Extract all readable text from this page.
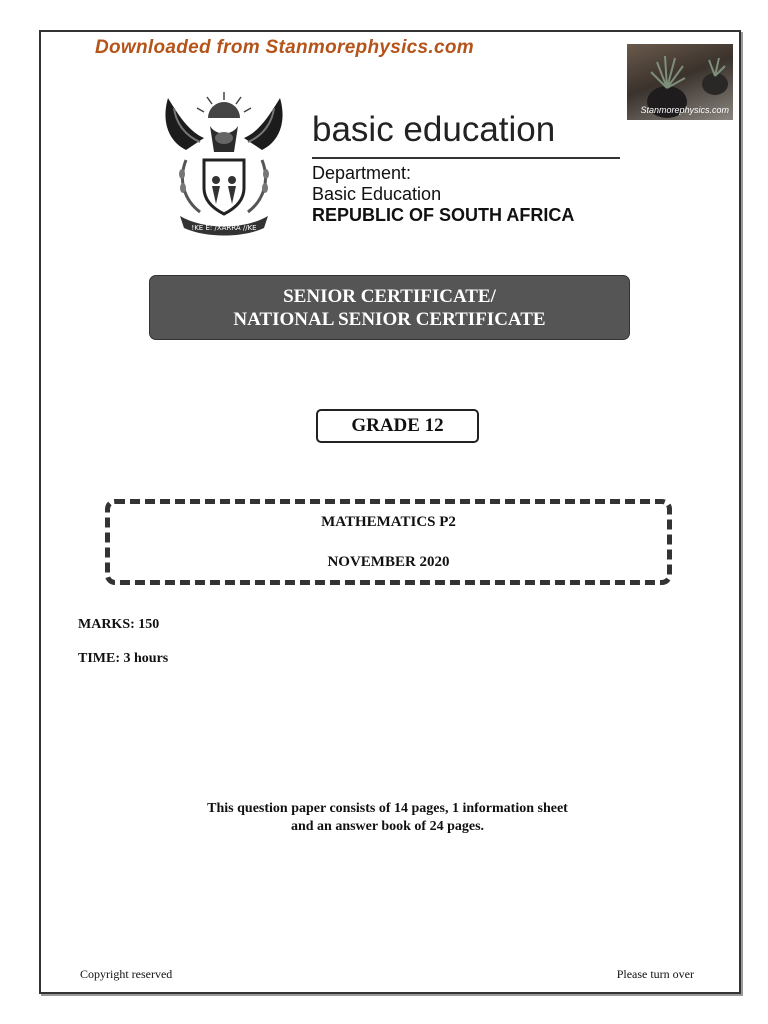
Downloaded from Stanmorephysics.com
Stanmorephysics.com
!KE E: /XARRA //KE
basic education
Department:
Basic Education
REPUBLIC OF SOUTH AFRICA
SENIOR CERTIFICATE/
NATIONAL SENIOR CERTIFICATE
GRADE 12
MATHEMATICS P2
NOVEMBER 2020
MARKS: 150
TIME: 3 hours
This question paper consists of 14 pages, 1 information sheet
and an answer book of 24 pages.
Copyright reserved	Please turn over
